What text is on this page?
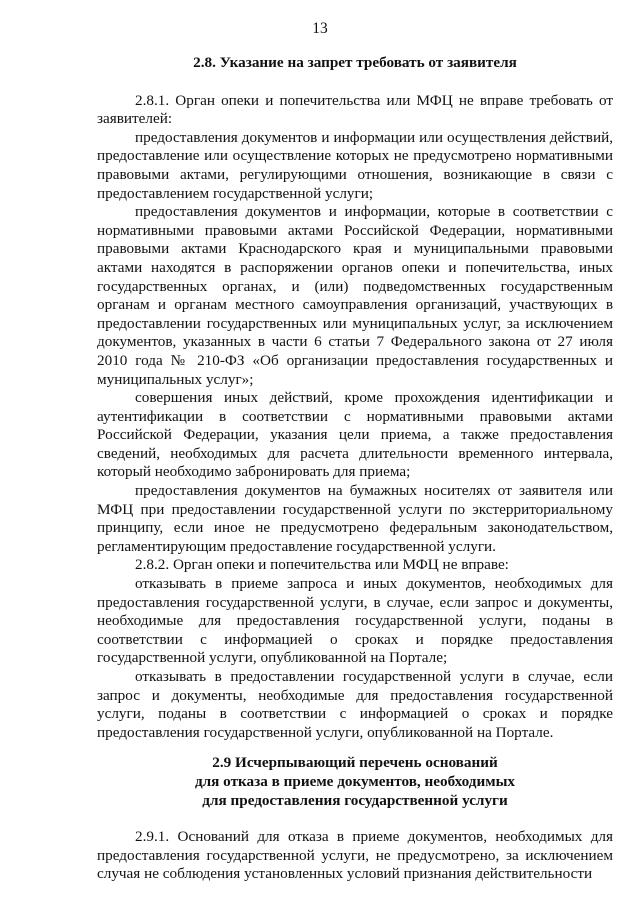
13

2.8. Указание на запрет требовать от заявителя

2.8.1. Орган опеки и попечительства или МФЦ не вправе требовать от заявителей:

предоставления документов и информации или осуществления действий, предоставление или осуществление которых не предусмотрено нормативными правовыми актами, регулирующими отношения, возникающие в связи с предоставлением государственной услуги;

предоставления документов и информации, которые в соответствии с нормативными правовыми актами Российской Федерации, нормативными правовыми актами Краснодарского края и муниципальными правовыми актами находятся в распоряжении органов опеки и попечительства, иных государственных органах, и (или) подведомственных государственным органам и органам местного самоуправления организаций, участвующих в предоставлении государственных или муниципальных услуг, за исключением документов, указанных в части 6 статьи 7 Федерального закона от 27 июля 2010 года № 210-ФЗ «Об организации предоставления государственных и муниципальных услуг»;

совершения иных действий, кроме прохождения идентификации и аутентификации в соответствии с нормативными правовыми актами Российской Федерации, указания цели приема, а также предоставления сведений, необходимых для расчета длительности временного интервала, который необходимо забронировать для приема;

предоставления документов на бумажных носителях от заявителя или МФЦ при предоставлении государственной услуги по экстерриториальному принципу, если иное не предусмотрено федеральным законодательством, регламентирующим предоставление государственной услуги.

2.8.2. Орган опеки и попечительства или МФЦ не вправе:

отказывать в приеме запроса и иных документов, необходимых для предоставления государственной услуги, в случае, если запрос и документы, необходимые для предоставления государственной услуги, поданы в соответствии с информацией о сроках и порядке предоставления государственной услуги, опубликованной на Портале;

отказывать в предоставлении государственной услуги в случае, если запрос и документы, необходимые для предоставления государственной услуги, поданы в соответствии с информацией о сроках и порядке предоставления государственной услуги, опубликованной на Портале.

2.9 Исчерпывающий перечень оснований
для отказа в приеме документов, необходимых
для предоставления государственной услуги

2.9.1. Оснований для отказа в приеме документов, необходимых для предоставления государственной услуги, не предусмотрено, за исключением случая не соблюдения установленных условий признания действительности
